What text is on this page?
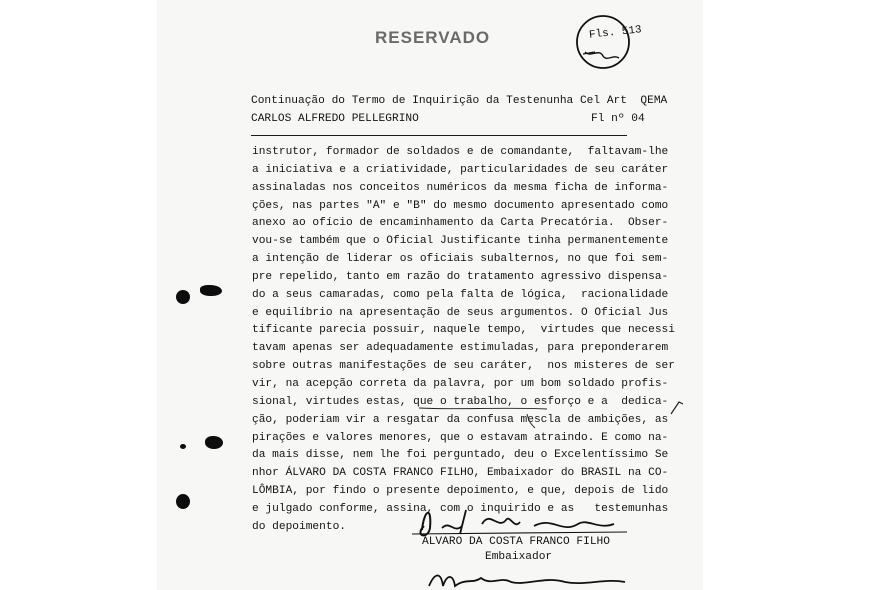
RESERVADO	Fls. 513
Continuação do Termo de Inquirição da Testenunha Cel Art  QEMA
CARLOS ALFREDO PELLEGRINO	Fl nº 04
instrutor, formador de soldados e de comandante,  faltavam-lhe
a iniciativa e a criatividade, particularidades de seu caráter
assinaladas nos conceitos numéricos da mesma ficha de informa-
ções, nas partes "A" e "B" do mesmo documento apresentado como
anexo ao ofício de encaminhamento da Carta Precatória.  Obser-
vou-se também que o Oficial Justificante tinha permanentemente
a intenção de liderar os oficiais subalternos, no que foi sem-
pre repelido, tanto em razão do tratamento agressivo dispensa-
do a seus camaradas, como pela falta de lógica,  racionalidade
e equilíbrio na apresentação de seus argumentos. O Oficial Jus
tificante parecia possuir, naquele tempo,  virtudes que necessi
tavam apenas ser adequadamente estimuladas, para preponderarem
sobre outras manifestações de seu caráter,  nos misteres de ser
vir, na acepção correta da palavra, por um bom soldado profis-
sional, virtudes estas, que o trabalho, o esforço e a  dedica-
ção, poderiam vir a resgatar da confusa mescla de ambições, as
pirações e valores menores, que o estavam atraindo. E como na-
da mais disse, nem lhe foi perguntado, deu o Excelentíssimo Se
nhor ÁLVARO DA COSTA FRANCO FILHO, Embaixador do BRASIL na CO-
LÔMBIA, por findo o presente depoimento, e que, depois de lido
e julgado conforme, assina, com o inquirido e as   testemunhas
do depoimento.
ÁLVARO DA COSTA FRANCO FILHO
Embaixador
